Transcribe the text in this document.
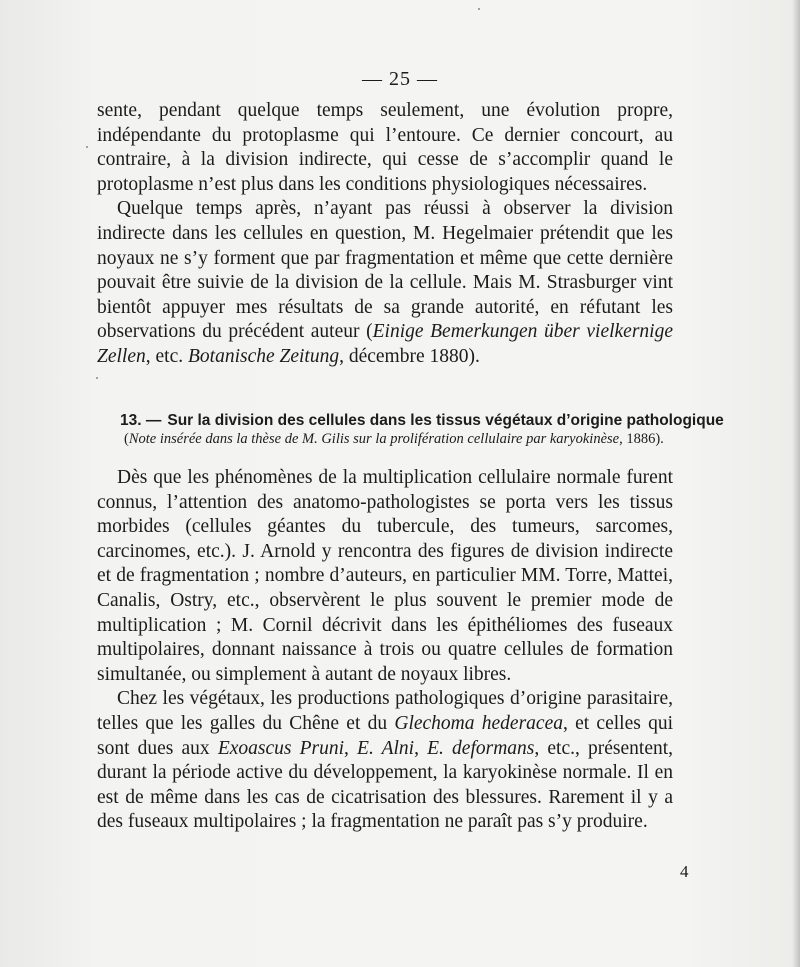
— 25 —

sente, pendant quelque temps seulement, une évolution propre, indépendante du protoplasme qui l’entoure. Ce dernier concourt, au contraire, à la division indirecte, qui cesse de s’accomplir quand le protoplasme n’est plus dans les conditions physiologiques nécessaires.

Quelque temps après, n’ayant pas réussi à observer la division indirecte dans les cellules en question, M. Hegelmaier prétendit que les noyaux ne s’y forment que par fragmentation et même que cette dernière pouvait être suivie de la division de la cellule. Mais M. Strasburger vint bientôt appuyer mes résultats de sa grande autorité, en réfutant les observations du précédent auteur (Einige Bemerkungen über vielkernige Zellen, etc. Botanische Zeitung, décembre 1880).

13. — Sur la division des cellules dans les tissus végétaux d’origine pathologique
(Note insérée dans la thèse de M. Gilis sur la prolifération cellulaire par karyokinèse, 1886).

Dès que les phénomènes de la multiplication cellulaire normale furent connus, l’attention des anatomo-pathologistes se porta vers les tissus morbides (cellules géantes du tubercule, des tumeurs, sarcomes, carcinomes, etc.). J. Arnold y rencontra des figures de division indirecte et de fragmentation ; nombre d’auteurs, en particulier MM. Torre, Mattei, Canalis, Ostry, etc., observèrent le plus souvent le premier mode de multiplication ; M. Cornil décrivit dans les épithéliomes des fuseaux multipolaires, donnant naissance à trois ou quatre cellules de formation simultanée, ou simplement à autant de noyaux libres.

Chez les végétaux, les productions pathologiques d’origine parasitaire, telles que les galles du Chêne et du Glechoma hederacea, et celles qui sont dues aux Exoascus Pruni, E. Alni, E. deformans, etc., présentent, durant la période active du développement, la karyokinèse normale. Il en est de même dans les cas de cicatrisation des blessures. Rarement il y a des fuseaux multipolaires ; la fragmentation ne paraît pas s’y produire.

4
